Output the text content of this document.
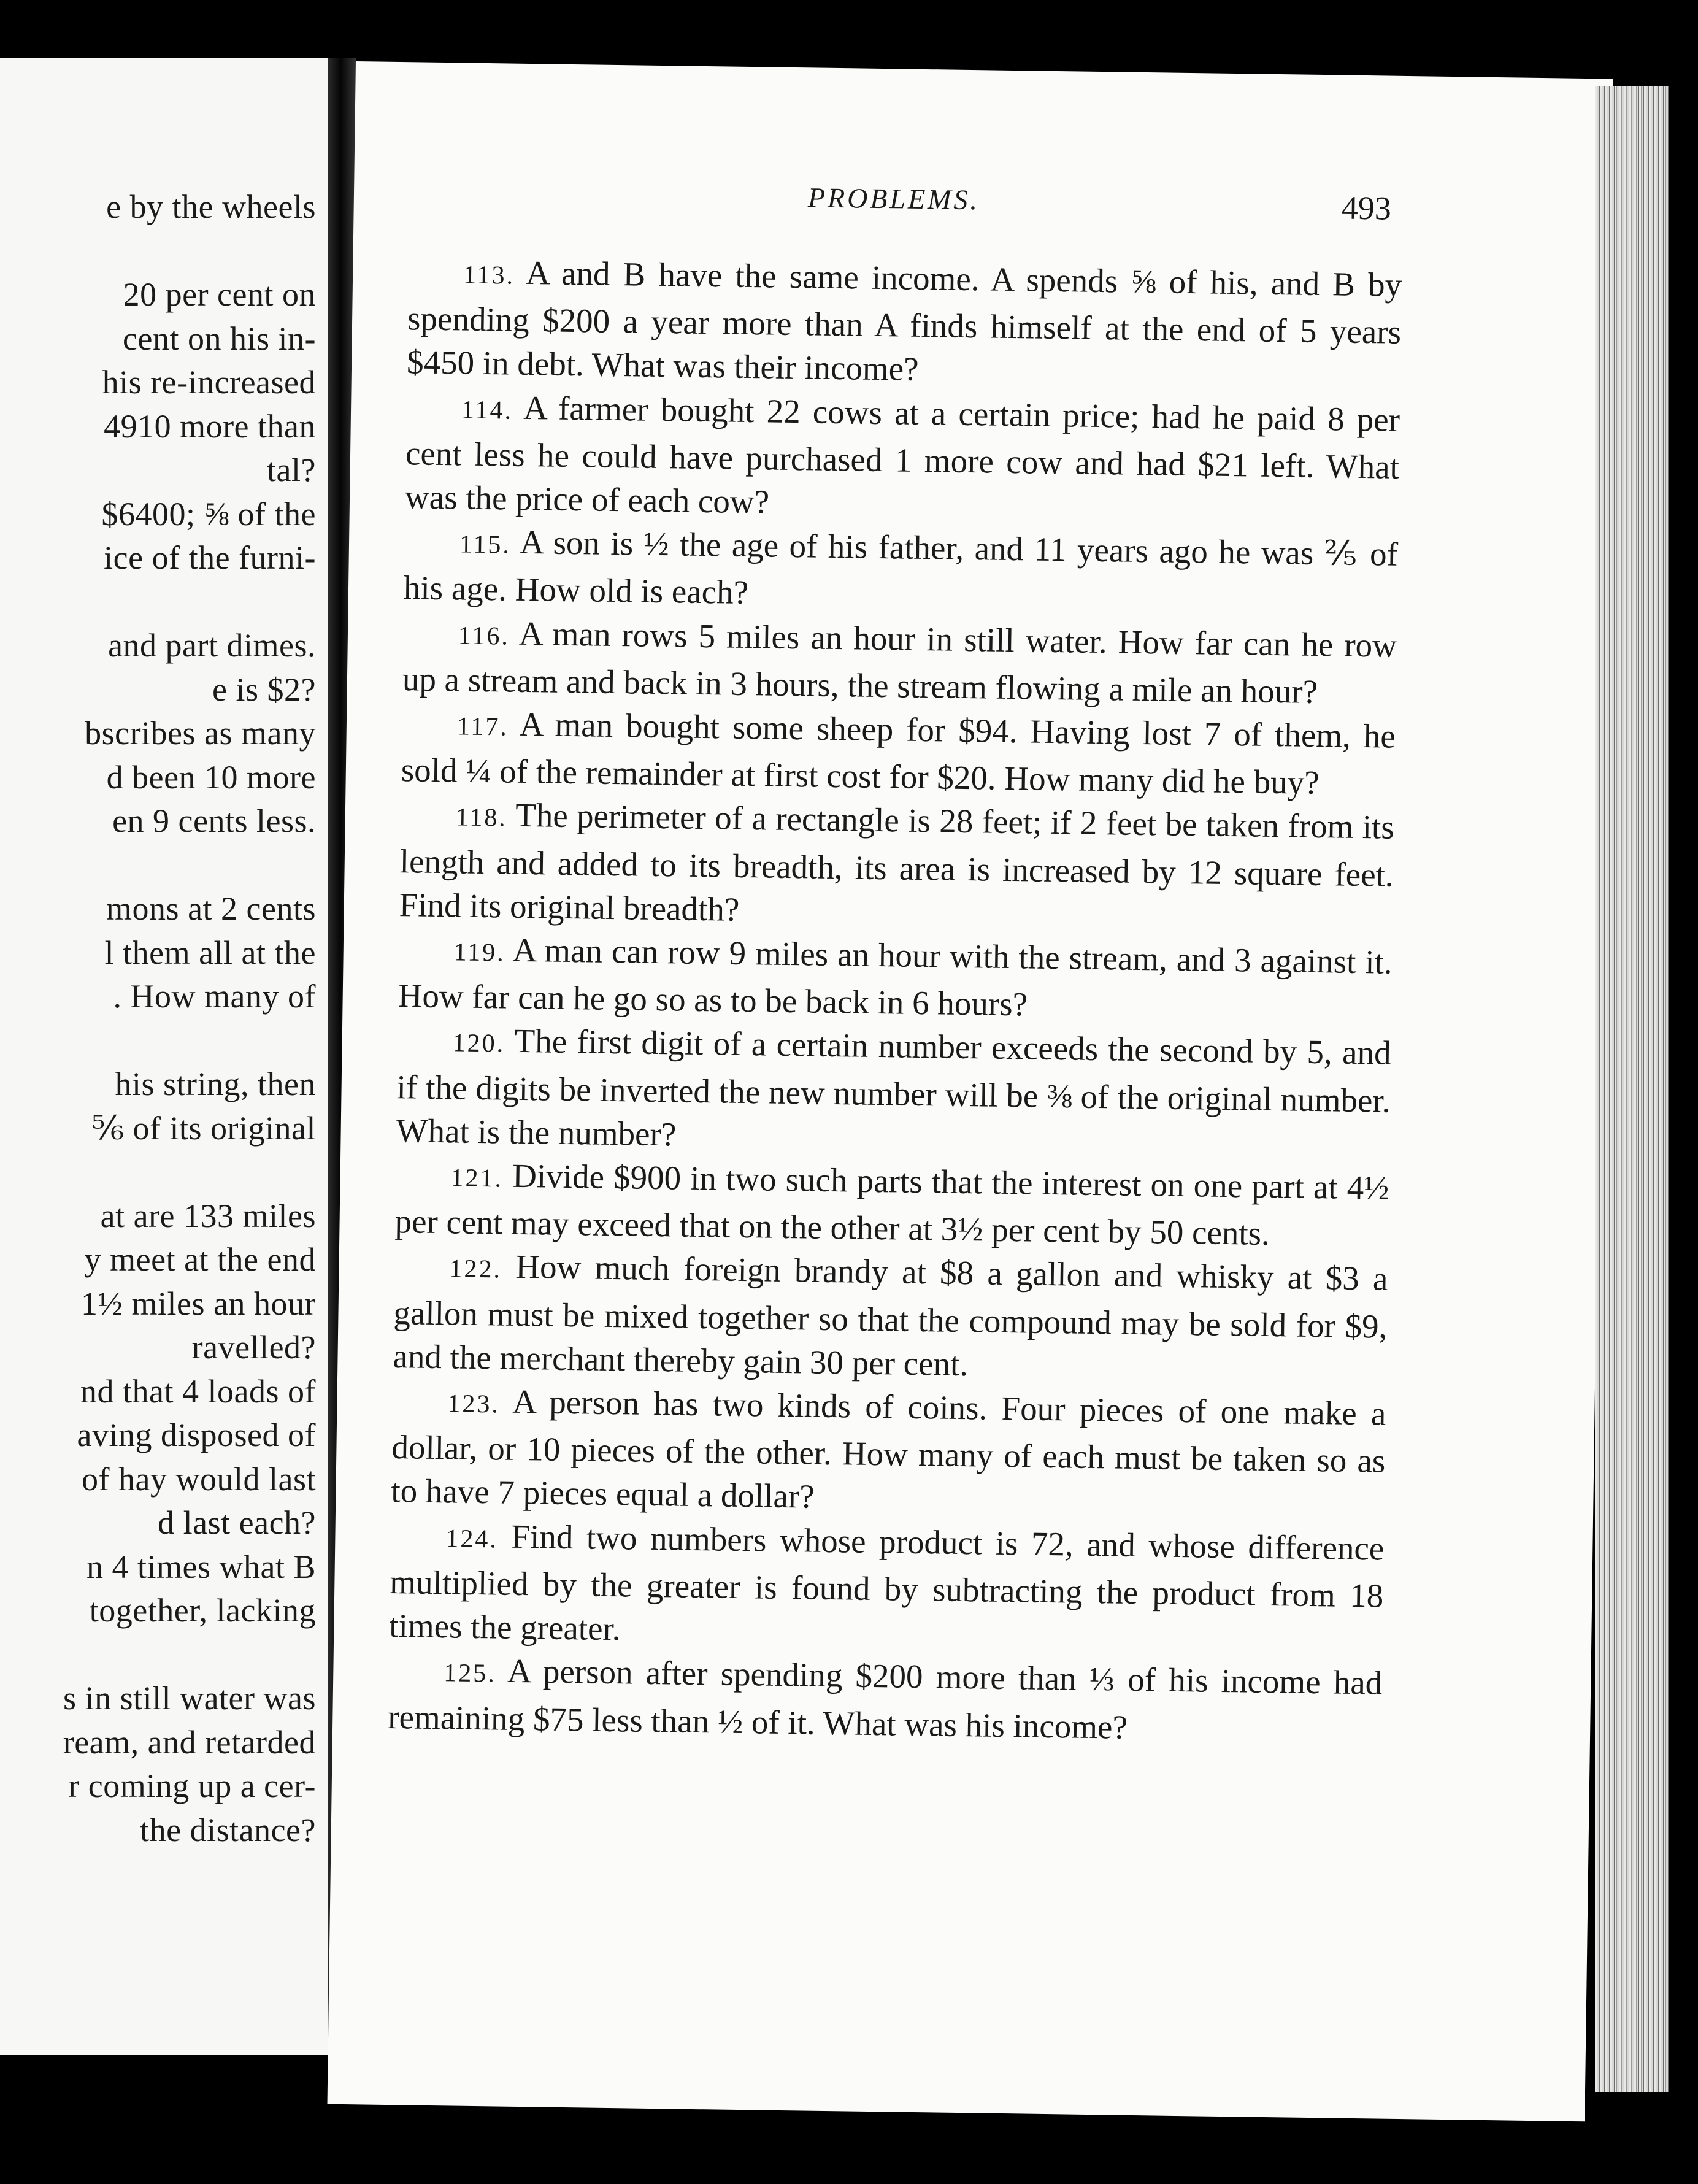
e by the wheels
20 per cent on
cent on his in-
his re-increased
4910 more than
tal?
$6400; ⅝ of the
ice of the furni-
and part dimes.
e is $2?
bscribes as many
d been 10 more
en 9 cents less.
mons at 2 cents
l them all at the
. How many of
his string, then
⅚ of its original
at are 133 miles
y meet at the end
1½ miles an hour
ravelled?
nd that 4 loads of
aving disposed of
of hay would last
d last each?
n 4 times what B
together, lacking
s in still water was
ream, and retarded
r coming up a cer-
the distance?
PROBLEMS.	493

113. A and B have the same income. A spends ⅝ of his, and B by spending $200 a year more than A finds himself at the end of 5 years $450 in debt. What was their income?

114. A farmer bought 22 cows at a certain price; had he paid 8 per cent less he could have purchased 1 more cow and had $21 left. What was the price of each cow?

115. A son is ½ the age of his father, and 11 years ago he was ⅖ of his age. How old is each?

116. A man rows 5 miles an hour in still water. How far can he row up a stream and back in 3 hours, the stream flowing a mile an hour?

117. A man bought some sheep for $94. Having lost 7 of them, he sold ¼ of the remainder at first cost for $20. How many did he buy?

118. The perimeter of a rectangle is 28 feet; if 2 feet be taken from its length and added to its breadth, its area is increased by 12 square feet. Find its original breadth?

119. A man can row 9 miles an hour with the stream, and 3 against it. How far can he go so as to be back in 6 hours?

120. The first digit of a certain number exceeds the second by 5, and if the digits be inverted the new number will be ⅜ of the original number. What is the number?

121. Divide $900 in two such parts that the interest on one part at 4½ per cent may exceed that on the other at 3½ per cent by 50 cents.

122. How much foreign brandy at $8 a gallon and whisky at $3 a gallon must be mixed together so that the compound may be sold for $9, and the merchant thereby gain 30 per cent.

123. A person has two kinds of coins. Four pieces of one make a dollar, or 10 pieces of the other. How many of each must be taken so as to have 7 pieces equal a dollar?

124. Find two numbers whose product is 72, and whose difference multiplied by the greater is found by subtracting the product from 18 times the greater.

125. A person after spending $200 more than ⅓ of his income had remaining $75 less than ½ of it. What was his income?
